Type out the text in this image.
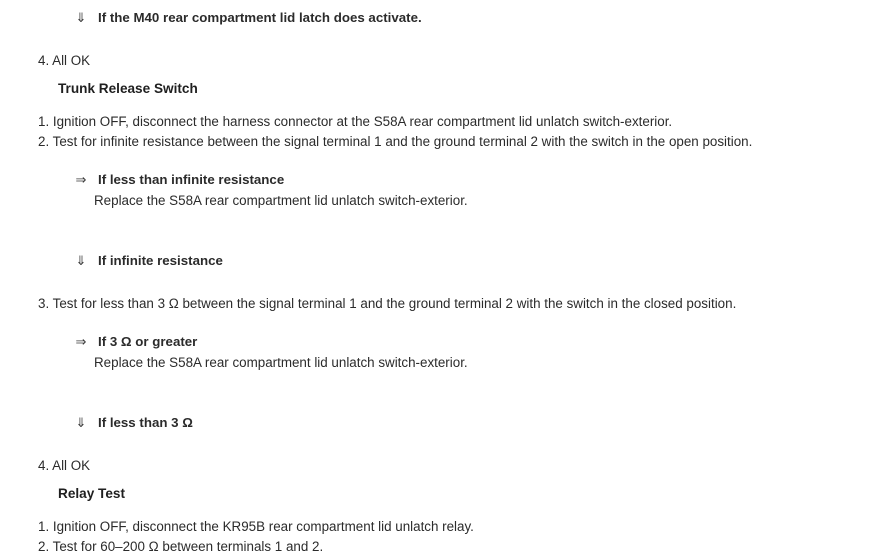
⇓ If the M40 rear compartment lid latch does activate.
4. All OK
Trunk Release Switch
1. Ignition OFF, disconnect the harness connector at the S58A rear compartment lid unlatch switch-exterior.
2. Test for infinite resistance between the signal terminal 1 and the ground terminal 2 with the switch in the open position.
⇒ If less than infinite resistance
Replace the S58A rear compartment lid unlatch switch-exterior.
⇓ If infinite resistance
3. Test for less than 3 Ω between the signal terminal 1 and the ground terminal 2 with the switch in the closed position.
⇒ If 3 Ω or greater
Replace the S58A rear compartment lid unlatch switch-exterior.
⇓ If less than 3 Ω
4. All OK
Relay Test
1. Ignition OFF, disconnect the KR95B rear compartment lid unlatch relay.
2. Test for 60–200 Ω between terminals 1 and 2.
